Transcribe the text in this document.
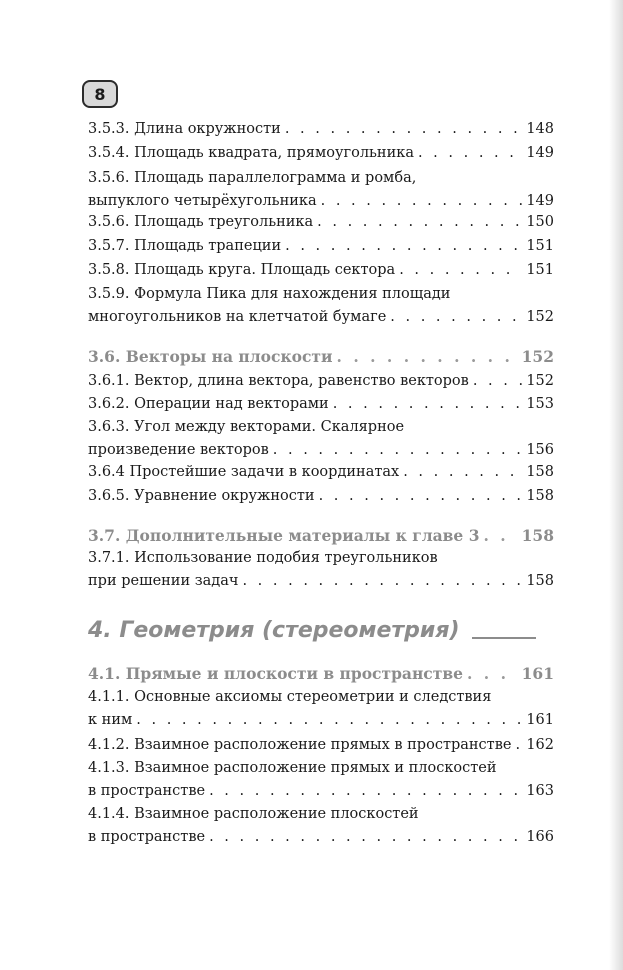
8
3.5.3. Длина окружности . . .	148
3.5.4. Площадь квадрата, прямоугольника . . .	149
3.5.6. Площадь параллелограмма и ромба,
выпуклого четырёхугольника . . .	149
3.5.6. Площадь треугольника . . .	150
3.5.7. Площадь трапеции . . .	151
3.5.8. Площадь круга. Площадь сектора . . .	151
3.5.9. Формула Пика для нахождения площади
многоугольников на клетчатой бумаге . . .	152
3.6. Векторы на плоскости . . .	152
3.6.1. Вектор, длина вектора, равенство векторов . . .	152
3.6.2. Операции над векторами . . .	153
3.6.3. Угол между векторами. Скалярное
произведение векторов . . .	156
3.6.4 Простейшие задачи в координатах . . .	158
3.6.5. Уравнение окружности . . .	158
3.7. Дополнительные материалы к главе 3 . . .	158
3.7.1. Использование подобия треугольников
при решении задач . . .	158
4.1. Прямые и плоскости в пространстве . . .	161
4.1.1. Основные аксиомы стереометрии и следствия
к ним . . .	161
4.1.2. Взаимное расположение прямых в пространстве . . . 162
4.1.3. Взаимное расположение прямых и плоскостей
в пространстве . . .	163
4.1.4. Взаимное расположение плоскостей
в пространстве . . .	166
4. Геометрия (стереометрия)
